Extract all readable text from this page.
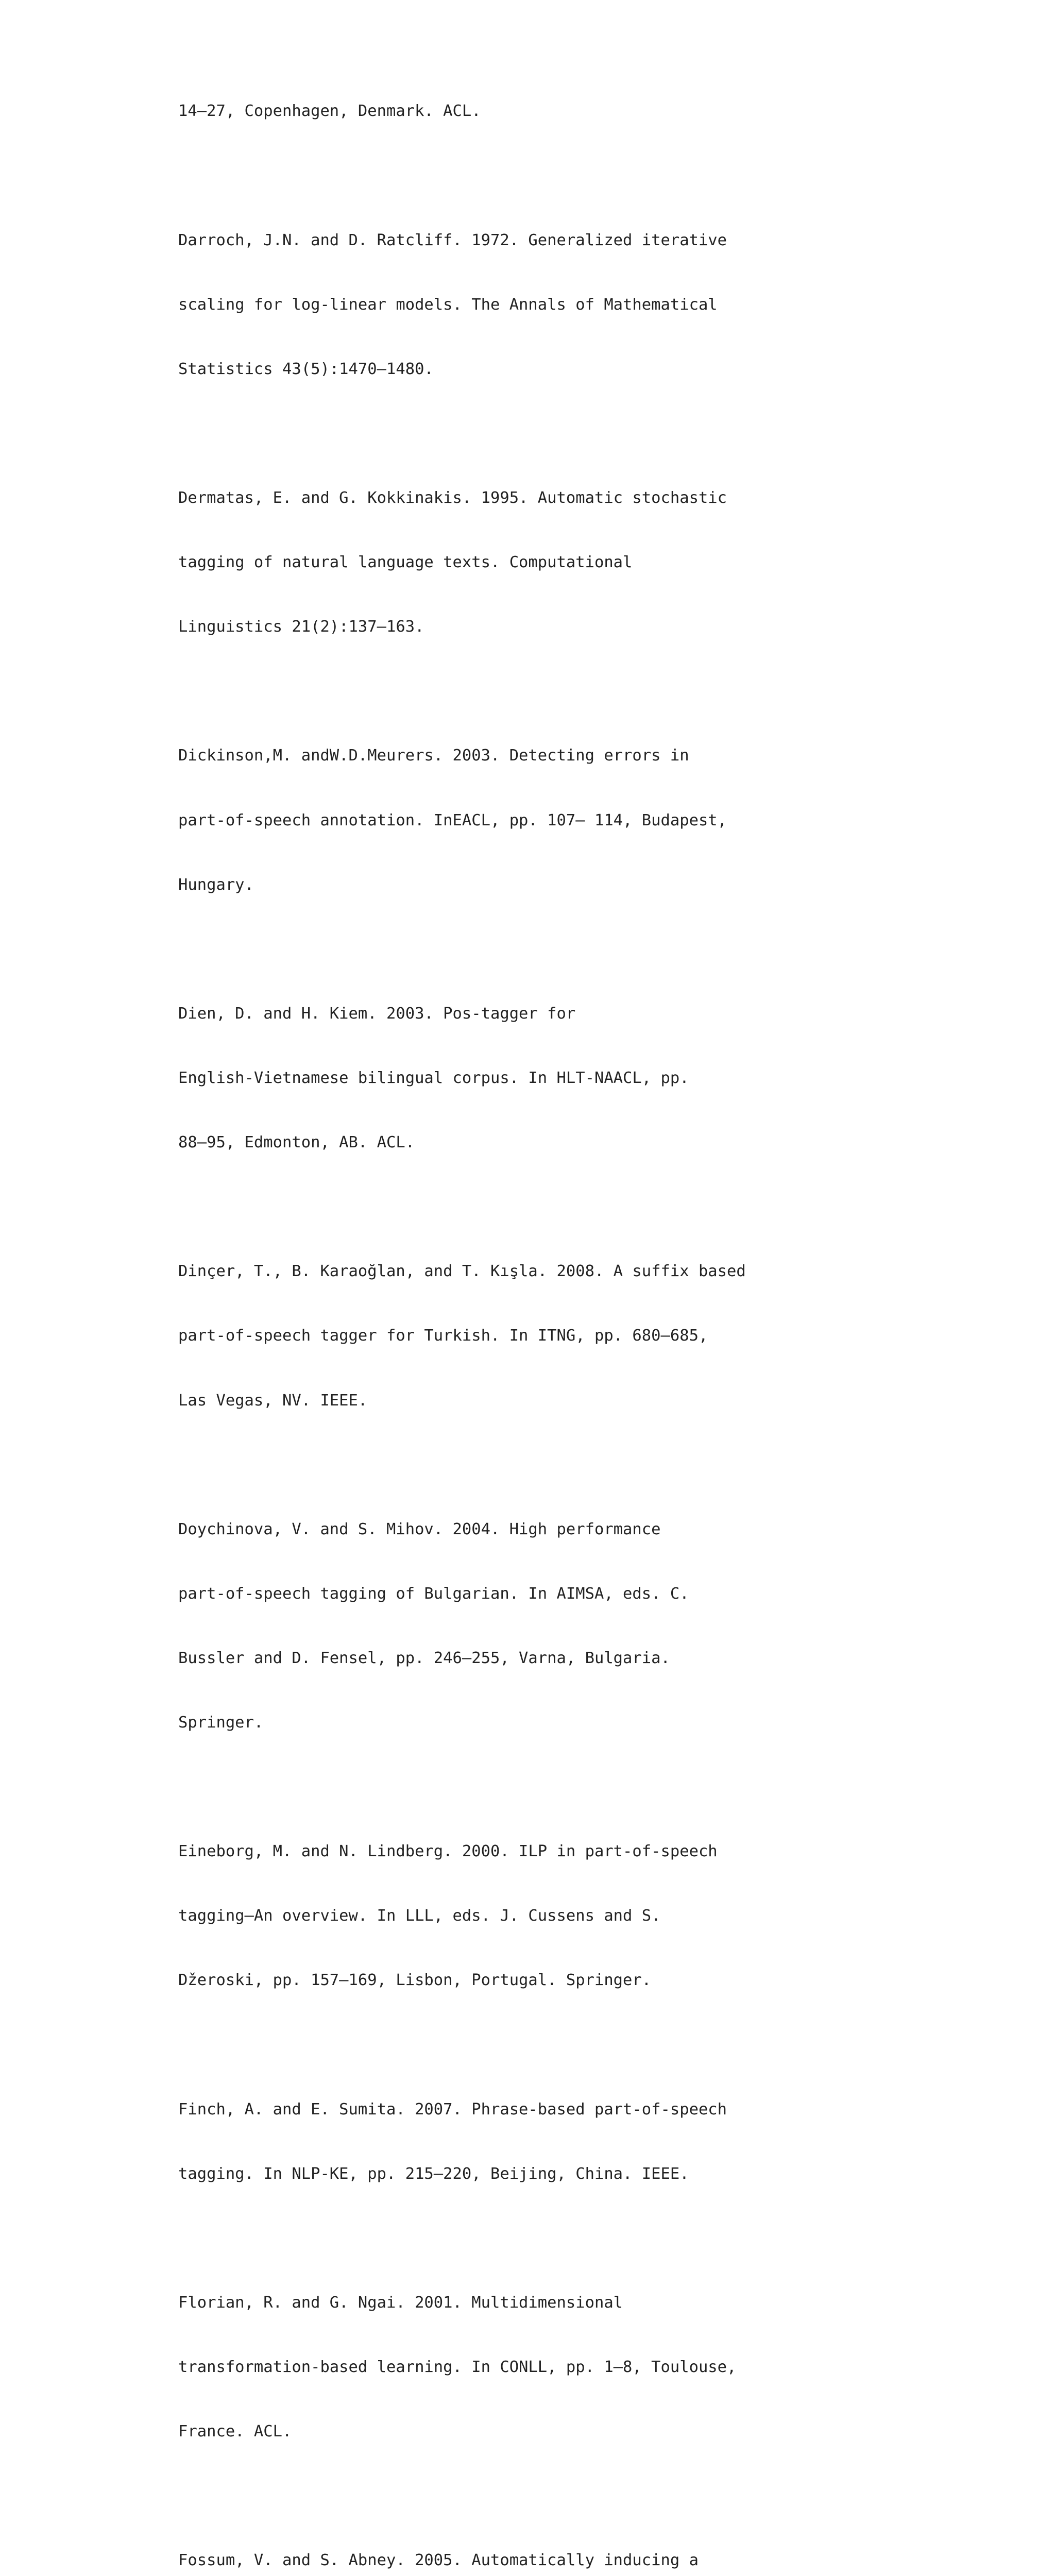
14–27, Copenhagen, Denmark. ACL.

Darroch, J.N. and D. Ratcliff. 1972. Generalized iterative

scaling for log-linear models. The Annals of Mathematical

Statistics 43(5):1470–1480.

Dermatas, E. and G. Kokkinakis. 1995. Automatic stochastic

tagging of natural language texts. Computational

Linguistics 21(2):137–163.

Dickinson,M. andW.D.Meurers. 2003. Detecting errors in

part-of-speech annotation. InEACL, pp. 107– 114, Budapest,

Hungary.

Dien, D. and H. Kiem. 2003. Pos-tagger for

English-Vietnamese bilingual corpus. In HLT-NAACL, pp.

88–95, Edmonton, AB. ACL.

Dinçer, T., B. Karaoğlan, and T. Kışla. 2008. A suffix based

part-of-speech tagger for Turkish. In ITNG, pp. 680–685,

Las Vegas, NV. IEEE.

Doychinova, V. and S. Mihov. 2004. High performance

part-of-speech tagging of Bulgarian. In AIMSA, eds. C.

Bussler and D. Fensel, pp. 246–255, Varna, Bulgaria.

Springer.

Eineborg, M. and N. Lindberg. 2000. ILP in part-of-speech

tagging—An overview. In LLL, eds. J. Cussens and S.

Džeroski, pp. 157–169, Lisbon, Portugal. Springer.

Finch, A. and E. Sumita. 2007. Phrase-based part-of-speech

tagging. In NLP-KE, pp. 215–220, Beijing, China. IEEE.

Florian, R. and G. Ngai. 2001. Multidimensional

transformation-based learning. In CONLL, pp. 1–8, Toulouse,

France. ACL.

Fossum, V. and S. Abney. 2005. Automatically inducing a
